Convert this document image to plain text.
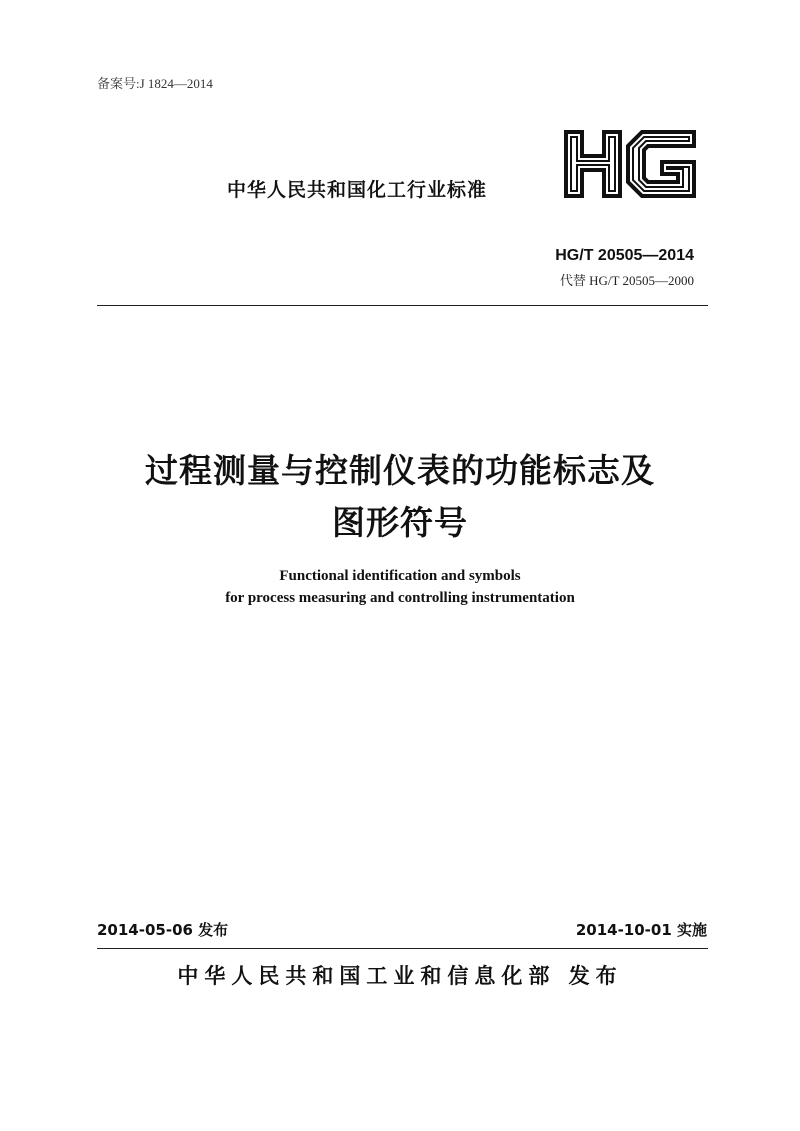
备案号:J 1824—2014
中华人民共和国化工行业标准
HG/T 20505—2014
代替 HG/T 20505—2000
过程测量与控制仪表的功能标志及
图形符号
Functional identification and symbols
for process measuring and controlling instrumentation
2014-05-06 发布	2014-10-01 实施
中华人民共和国工业和信息化部 发布
